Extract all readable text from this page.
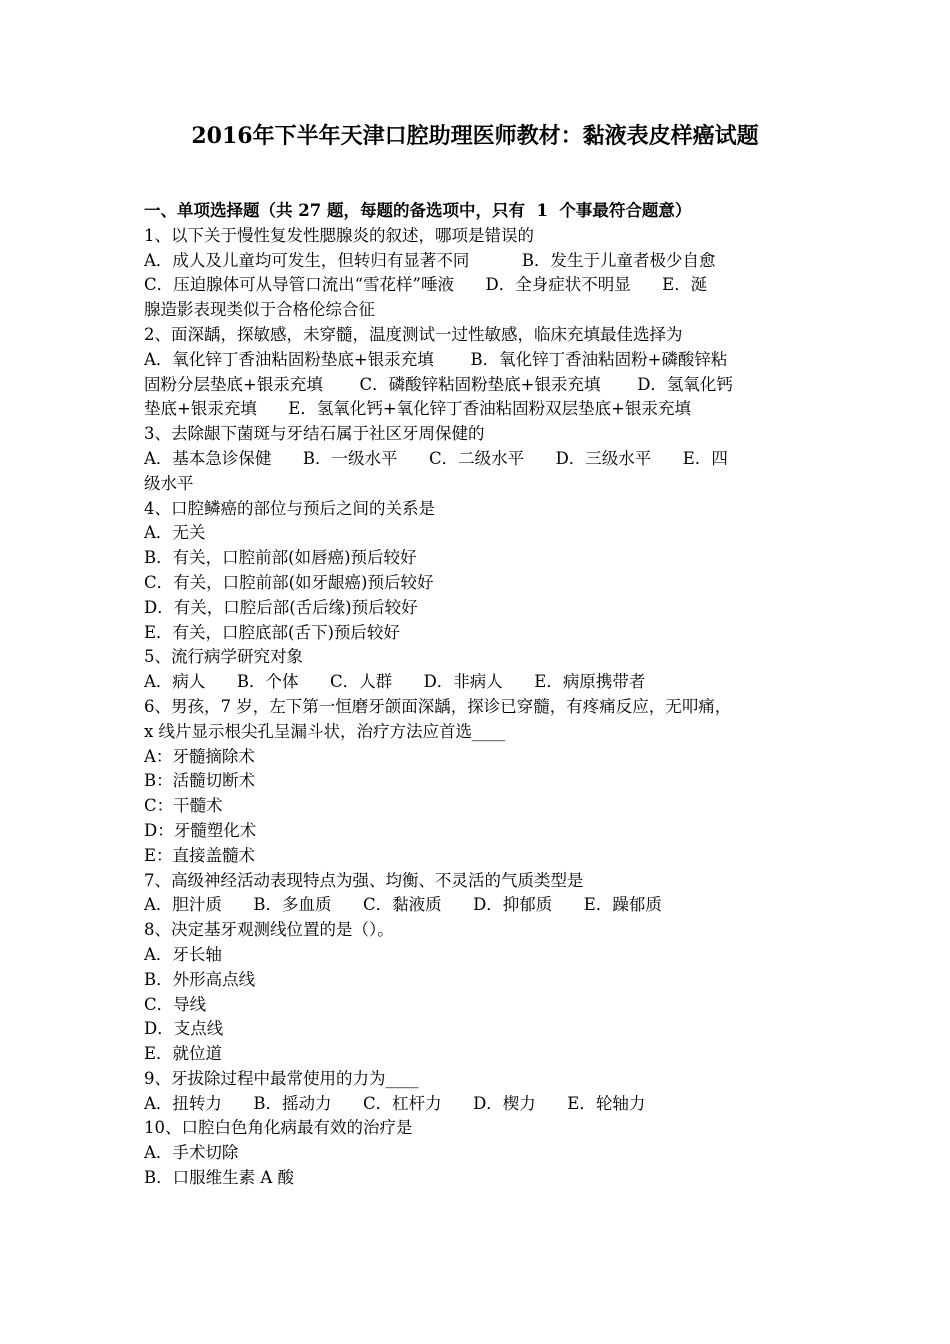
2016年下半年天津口腔助理医师教材：黏液表皮样癌试题
一、单项选择题（共 27 题，每题的备选项中，只有  1  个事最符合题意）
1、以下关于慢性复发性腮腺炎的叙述，哪项是错误的
A．成人及儿童均可发生，但转归有显著不同          B．发生于儿童者极少自愈
C．压迫腺体可从导管口流出“雪花样”唾液      D．全身症状不明显      E．涎
腺造影表现类似于合格伦综合征
2、面深龋，探敏感，未穿髓，温度测试一过性敏感，临床充填最佳选择为
A．氧化锌丁香油粘固粉垫底+银汞充填       B．氧化锌丁香油粘固粉+磷酸锌粘
固粉分层垫底+银汞充填       C．磷酸锌粘固粉垫底+银汞充填       D．氢氧化钙
垫底+银汞充填      E．氢氧化钙+氧化锌丁香油粘固粉双层垫底+银汞充填
3、去除龈下菌斑与牙结石属于社区牙周保健的
A．基本急诊保健      B．一级水平      C．二级水平      D．三级水平      E．四
级水平
4、口腔鳞癌的部位与预后之间的关系是
A．无关
B．有关，口腔前部(如唇癌)预后较好
C．有关，口腔前部(如牙龈癌)预后较好
D．有关，口腔后部(舌后缘)预后较好
E．有关，口腔底部(舌下)预后较好
5、流行病学研究对象
A．病人      B．个体      C．人群      D．非病人      E．病原携带者
6、男孩，7 岁，左下第一恒磨牙颌面深龋，探诊已穿髓，有疼痛反应，无叩痛，
x 线片显示根尖孔呈漏斗状，治疗方法应首选____
A：牙髓摘除术
B：活髓切断术
C：干髓术
D：牙髓塑化术
E：直接盖髓术
7、高级神经活动表现特点为强、均衡、不灵活的气质类型是
A．胆汁质      B．多血质      C．黏液质      D．抑郁质      E．躁郁质
8、决定基牙观测线位置的是（）。
A．牙长轴
B．外形高点线
C．导线
D．支点线
E．就位道
9、牙拔除过程中最常使用的力为____
A．扭转力      B．摇动力      C．杠杆力      D．楔力      E．轮轴力
10、口腔白色角化病最有效的治疗是
A．手术切除
B．口服维生素 A 酸
